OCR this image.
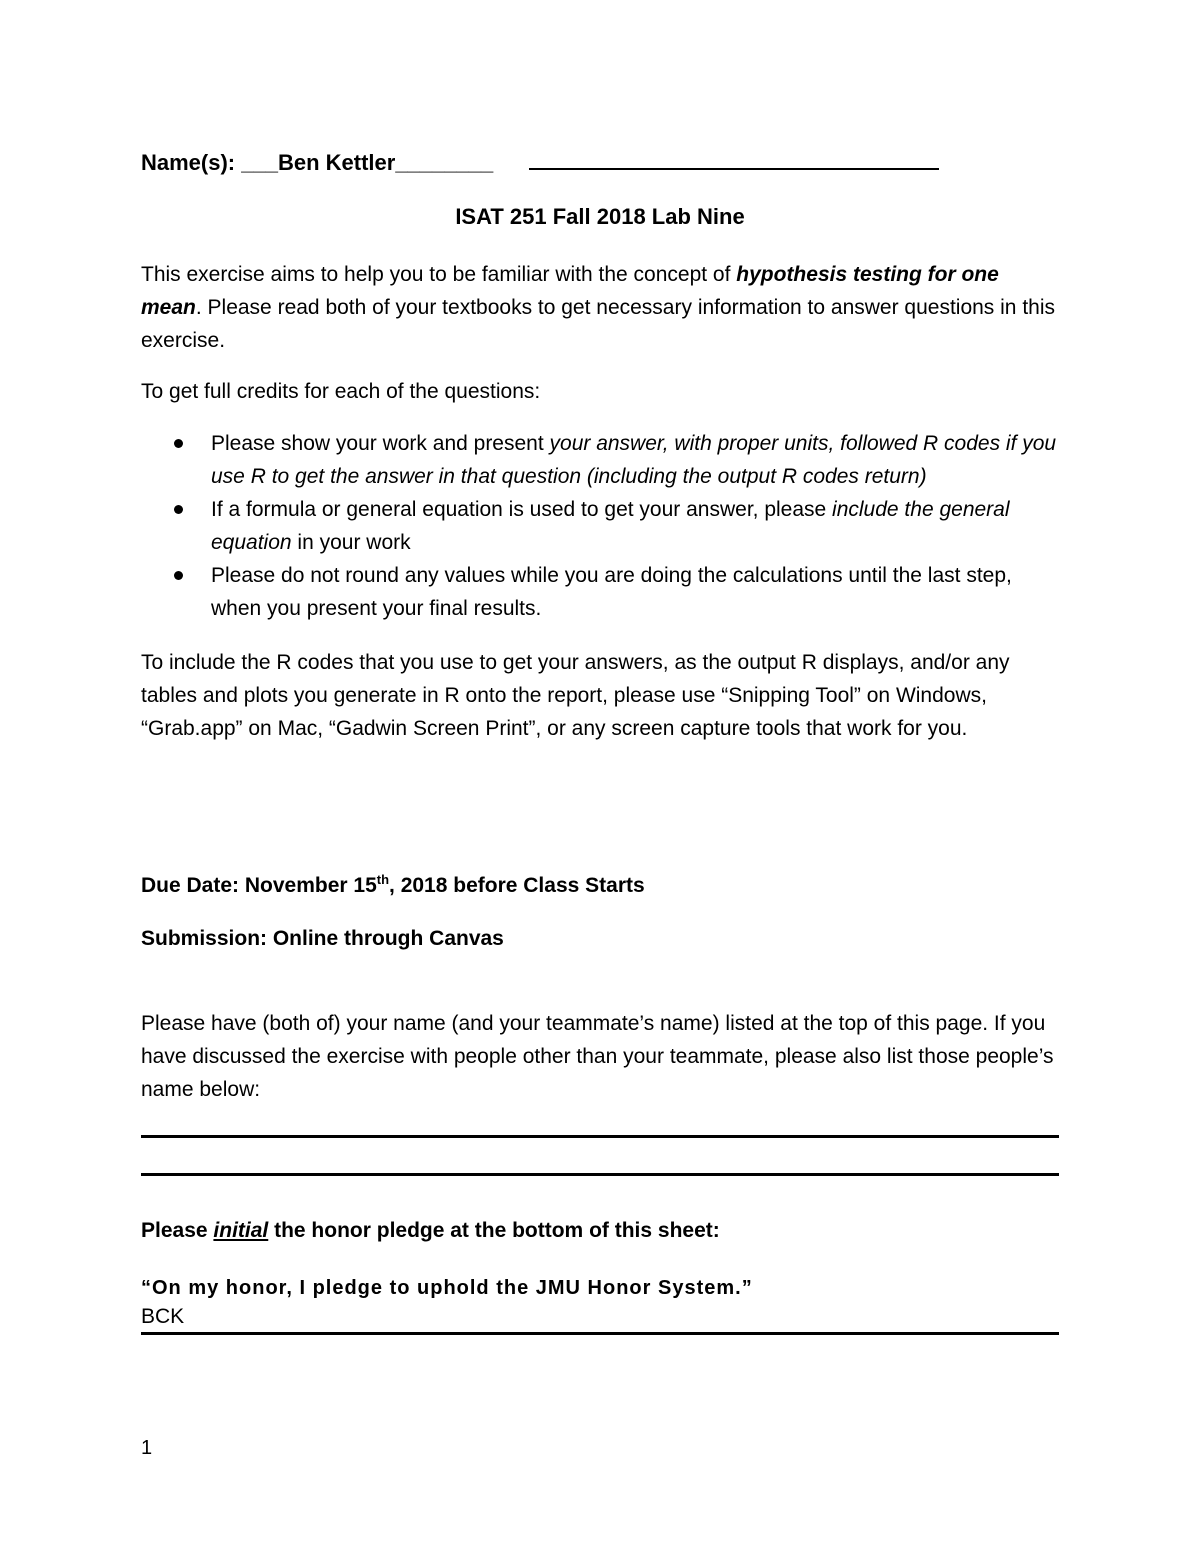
Name(s): ___Ben Kettler________
ISAT 251 Fall 2018 Lab Nine
This exercise aims to help you to be familiar with the concept of hypothesis testing for one mean. Please read both of your textbooks to get necessary information to answer questions in this exercise.
To get full credits for each of the questions:
Please show your work and present your answer, with proper units, followed R codes if you use R to get the answer in that question (including the output R codes return)
If a formula or general equation is used to get your answer, please include the general equation in your work
Please do not round any values while you are doing the calculations until the last step, when you present your final results.
To include the R codes that you use to get your answers, as the output R displays, and/or any tables and plots you generate in R onto the report, please use “Snipping Tool” on Windows, “Grab.app” on Mac, “Gadwin Screen Print”, or any screen capture tools that work for you.
Due Date: November 15th, 2018 before Class Starts
Submission: Online through Canvas
Please have (both of) your name (and your teammate’s name) listed at the top of this page. If you have discussed the exercise with people other than your teammate, please also list those people’s name below:
Please initial the honor pledge at the bottom of this sheet:
“On my honor, I pledge to uphold the JMU Honor System.”
BCK
1
